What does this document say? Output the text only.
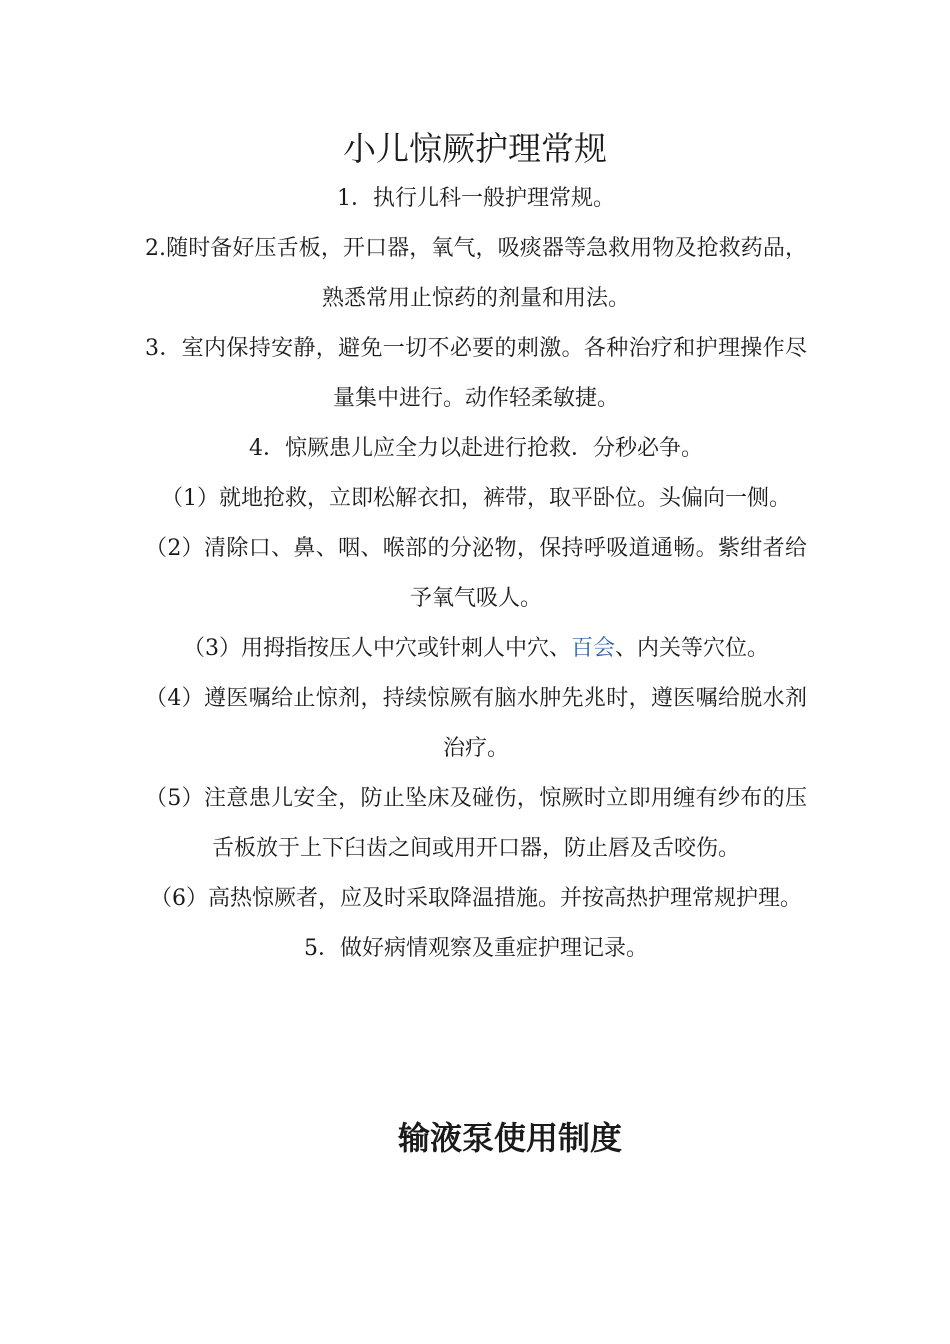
小儿惊厥护理常规

1．执行儿科一般护理常规。

2.随时备好压舌板，开口器，氧气，吸痰器等急救用物及抢救药品，熟悉常用止惊药的剂量和用法。

3．室内保持安静，避免一切不必要的刺激。各种治疗和护理操作尽量集中进行。动作轻柔敏捷。

4．惊厥患儿应全力以赴进行抢救．分秒必争。

（1）就地抢救，立即松解衣扣，裤带，取平卧位。头偏向一侧。

（2）清除口、鼻、咽、喉部的分泌物，保持呼吸道通畅。紫绀者给予氧气吸人。

（3）用拇指按压人中穴或针刺人中穴、百会、内关等穴位。

（4）遵医嘱给止惊剂，持续惊厥有脑水肿先兆时，遵医嘱给脱水剂治疗。

（5）注意患儿安全，防止坠床及碰伤，惊厥时立即用缠有纱布的压舌板放于上下臼齿之间或用开口器，防止唇及舌咬伤。

（6）高热惊厥者，应及时采取降温措施。并按高热护理常规护理。

5．做好病情观察及重症护理记录。

输液泵使用制度
